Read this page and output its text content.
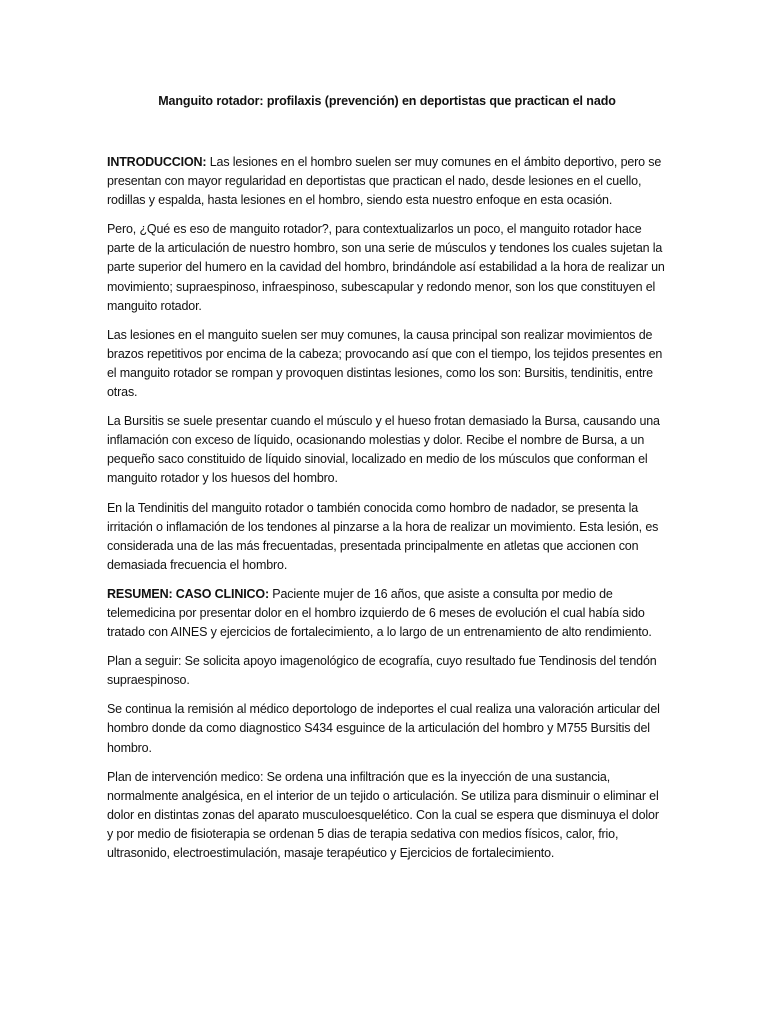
Manguito rotador: profilaxis (prevención) en deportistas que practican el nado

INTRODUCCION: Las lesiones en el hombro suelen ser muy comunes en el ámbito deportivo, pero se presentan con mayor regularidad en deportistas que practican el nado, desde lesiones en el cuello, rodillas y espalda, hasta lesiones en el hombro, siendo esta nuestro enfoque en esta ocasión.

Pero, ¿Qué es eso de manguito rotador?, para contextualizarlos un poco, el manguito rotador hace parte de la articulación de nuestro hombro, son una serie de músculos y tendones los cuales sujetan la parte superior del humero en la cavidad del hombro, brindándole así estabilidad a la hora de realizar un movimiento; supraespinoso, infraespinoso, subescapular y redondo menor, son los que constituyen el manguito rotador.

Las lesiones en el manguito suelen ser muy comunes, la causa principal son realizar movimientos de brazos repetitivos por encima de la cabeza; provocando así que con el tiempo, los tejidos presentes en el manguito rotador se rompan y provoquen distintas lesiones, como los son: Bursitis, tendinitis, entre otras.

La Bursitis se suele presentar cuando el músculo y el hueso frotan demasiado la Bursa, causando una inflamación con exceso de líquido, ocasionando molestias y dolor. Recibe el nombre de Bursa, a un pequeño saco constituido de líquido sinovial, localizado en medio de los músculos que conforman el manguito rotador y los huesos del hombro.

En la Tendinitis del manguito rotador o también conocida como hombro de nadador, se presenta la irritación o inflamación de los tendones al pinzarse a la hora de realizar un movimiento. Esta lesión, es considerada una de las más frecuentadas, presentada principalmente en atletas que accionen con demasiada frecuencia el hombro.

RESUMEN: CASO CLINICO: Paciente mujer de 16 años, que asiste a consulta por medio de telemedicina por presentar dolor en el hombro izquierdo de 6 meses de evolución el cual había sido tratado con AINES y ejercicios de fortalecimiento, a lo largo de un entrenamiento de alto rendimiento.

Plan a seguir: Se solicita apoyo imagenológico de ecografía, cuyo resultado fue Tendinosis del tendón supraespinoso.

Se continua la remisión al médico deportologo de indeportes el cual realiza una valoración articular del hombro donde da como diagnostico S434 esguince de la articulación del hombro y M755 Bursitis del hombro.

Plan de intervención medico: Se ordena una infiltración que es la inyección de una sustancia, normalmente analgésica, en el interior de un tejido o articulación. Se utiliza para disminuir o eliminar el dolor en distintas zonas del aparato musculoesquelético. Con la cual se espera que disminuya el dolor y por medio de fisioterapia se ordenan 5 dias de terapia sedativa con medios físicos, calor, frio, ultrasonido, electroestimulación, masaje terapéutico y Ejercicios de fortalecimiento.
